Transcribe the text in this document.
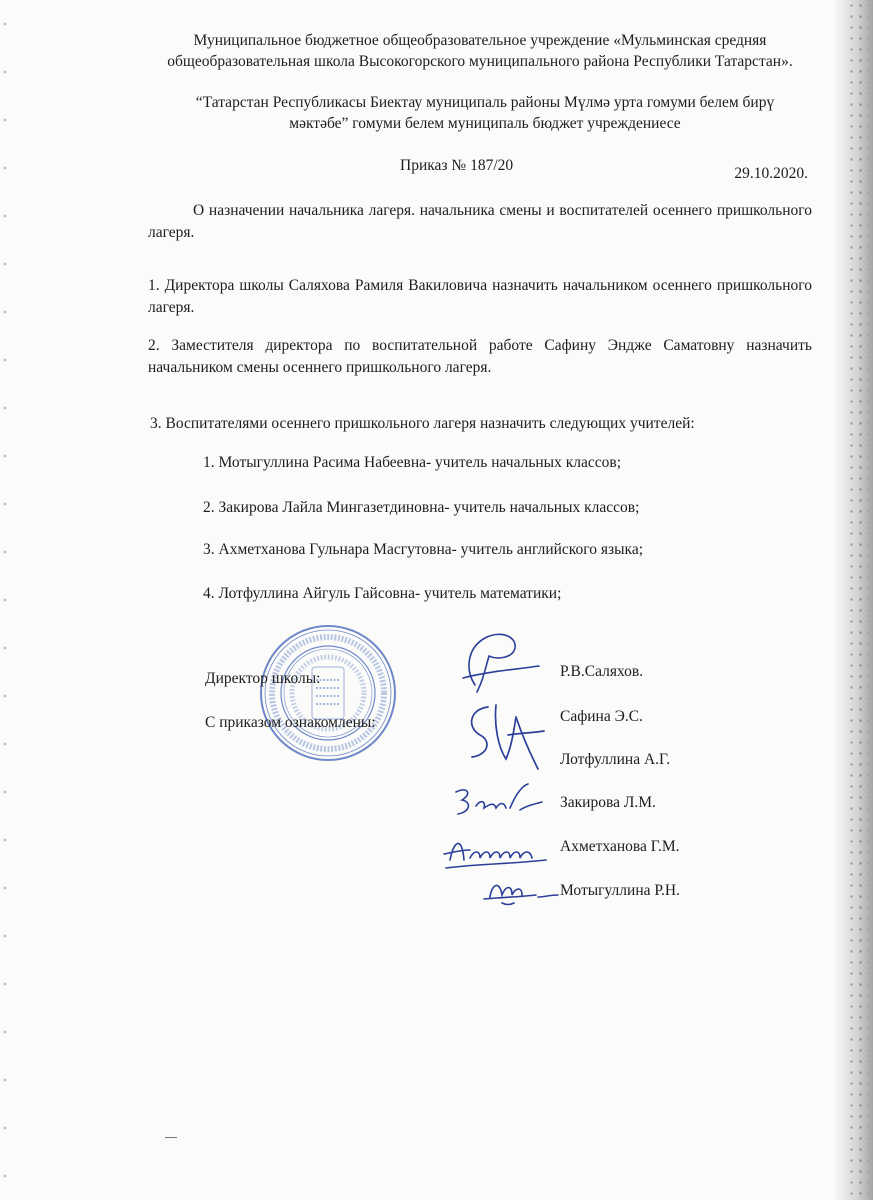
Муниципальное бюджетное общеобразовательное учреждение «Мульминская средняя общеобразовательная школа Высокогорского муниципального района Республики Татарстан».
“Татарстан Республикасы Биектау муниципаль районы Мүлмә урта гомуми белем бирү мәктәбе” гомуми белем муниципаль бюджет учреждениесе
Приказ № 187/20	29.10.2020.
О назначении начальника лагеря. начальника смены и воспитателей осеннего пришкольного лагеря.
1. Директора школы Саляхова Рамиля Вакиловича назначить начальником осеннего пришкольного лагеря.
2. Заместителя директора по воспитательной работе Сафину Эндже Саматовну назначить начальником смены осеннего пришкольного лагеря.
3. Воспитателями осеннего пришкольного лагеря назначить следующих учителей:
1. Мотыгуллина Расима Набеевна- учитель начальных классов;
2. Закирова Лайла Мингазетдиновна- учитель начальных классов;
3. Ахметханова Гульнара Масгутовна- учитель английского языка;
4. Лотфуллина Айгуль Гайсовна- учитель математики;
Директор школы:
С приказом ознакомлены:
Р.В.Саляхов.
Сафина Э.С.
Лотфуллина А.Г.
Закирова Л.М.
Ахметханова Г.М.
Мотыгуллина Р.Н.
